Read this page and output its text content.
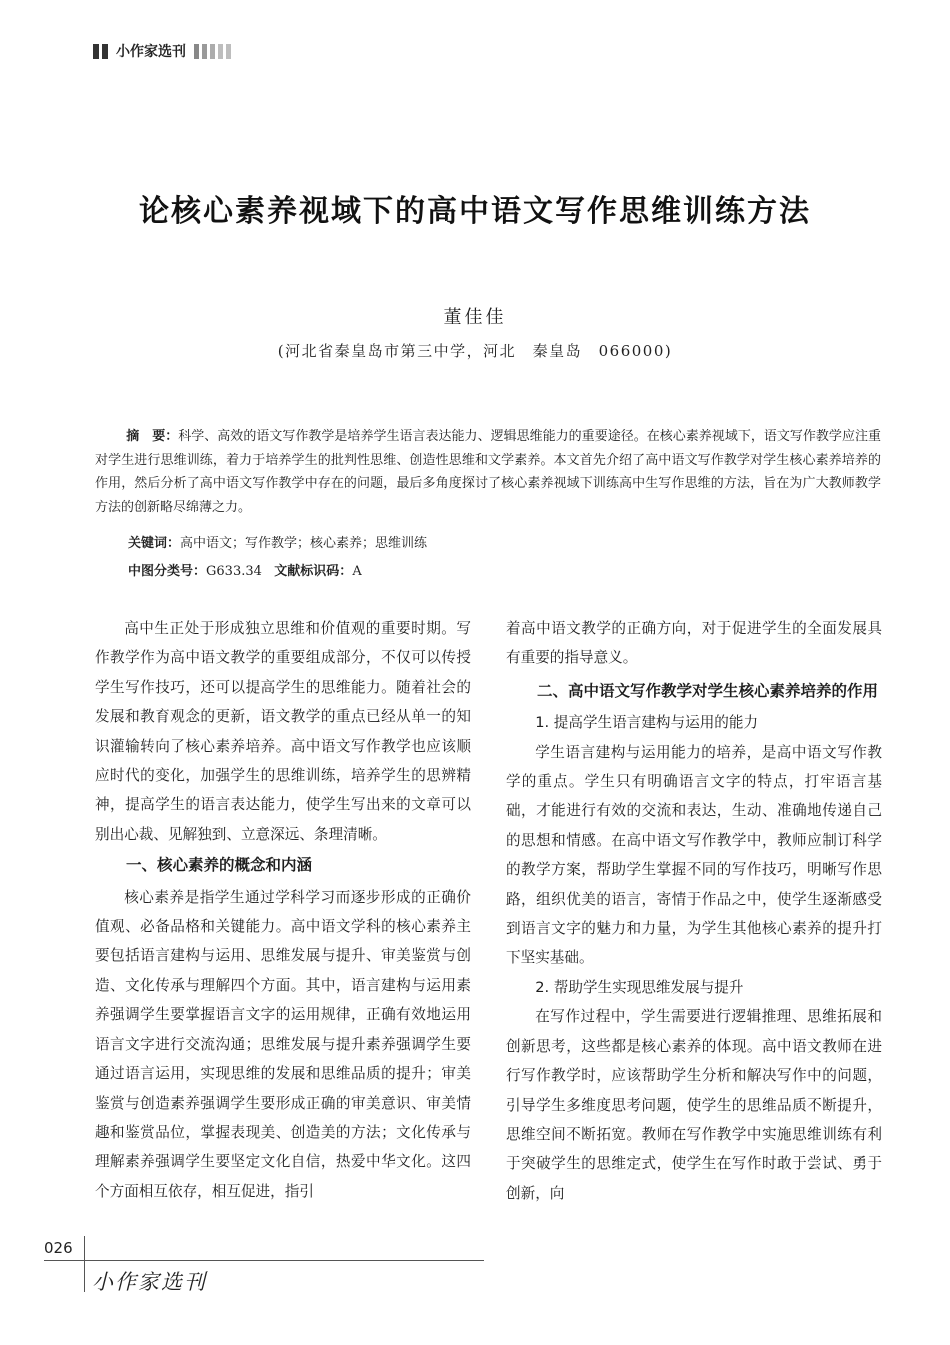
小作家选刊
论核心素养视域下的高中语文写作思维训练方法
董佳佳
(河北省秦皇岛市第三中学，河北　秦皇岛　066000)

摘　要：科学、高效的语文写作教学是培养学生语言表达能力、逻辑思维能力的重要途径。在核心素养视域下，语文写作教学应注重对学生进行思维训练，着力于培养学生的批判性思维、创造性思维和文学素养。本文首先介绍了高中语文写作教学对学生核心素养培养的作用，然后分析了高中语文写作教学中存在的问题，最后多角度探讨了核心素养视域下训练高中生写作思维的方法，旨在为广大教师教学方法的创新略尽绵薄之力。

关键词：高中语文；写作教学；核心素养；思维训练
中图分类号：G633.34 文献标识码：A

高中生正处于形成独立思维和价值观的重要时期。写作教学作为高中语文教学的重要组成部分，不仅可以传授学生写作技巧，还可以提高学生的思维能力。随着社会的发展和教育观念的更新，语文教学的重点已经从单一的知识灌输转向了核心素养培养。高中语文写作教学也应该顺应时代的变化，加强学生的思维训练，培养学生的思辨精神，提高学生的语言表达能力，使学生写出来的文章可以别出心裁、见解独到、立意深远、条理清晰。

一、核心素养的概念和内涵

核心素养是指学生通过学科学习而逐步形成的正确价值观、必备品格和关键能力。高中语文学科的核心素养主要包括语言建构与运用、思维发展与提升、审美鉴赏与创造、文化传承与理解四个方面。其中，语言建构与运用素养强调学生要掌握语言文字的运用规律，正确有效地运用语言文字进行交流沟通；思维发展与提升素养强调学生要通过语言运用，实现思维的发展和思维品质的提升；审美鉴赏与创造素养强调学生要形成正确的审美意识、审美情趣和鉴赏品位，掌握表现美、创造美的方法；文化传承与理解素养强调学生要坚定文化自信，热爱中华文化。这四个方面相互依存，相互促进，指引

着高中语文教学的正确方向，对于促进学生的全面发展具有重要的指导意义。

二、高中语文写作教学对学生核心素养培养的作用

1. 提高学生语言建构与运用的能力

学生语言建构与运用能力的培养，是高中语文写作教学的重点。学生只有明确语言文字的特点，打牢语言基础，才能进行有效的交流和表达，生动、准确地传递自己的思想和情感。在高中语文写作教学中，教师应制订科学的教学方案，帮助学生掌握不同的写作技巧，明晰写作思路，组织优美的语言，寄情于作品之中，使学生逐渐感受到语言文字的魅力和力量，为学生其他核心素养的提升打下坚实基础。

2. 帮助学生实现思维发展与提升

在写作过程中，学生需要进行逻辑推理、思维拓展和创新思考，这些都是核心素养的体现。高中语文教师在进行写作教学时，应该帮助学生分析和解决写作中的问题，引导学生多维度思考问题，使学生的思维品质不断提升，思维空间不断拓宽。教师在写作教学中实施思维训练有利于突破学生的思维定式，使学生在写作时敢于尝试、勇于创新，向

026
小作家选刊
